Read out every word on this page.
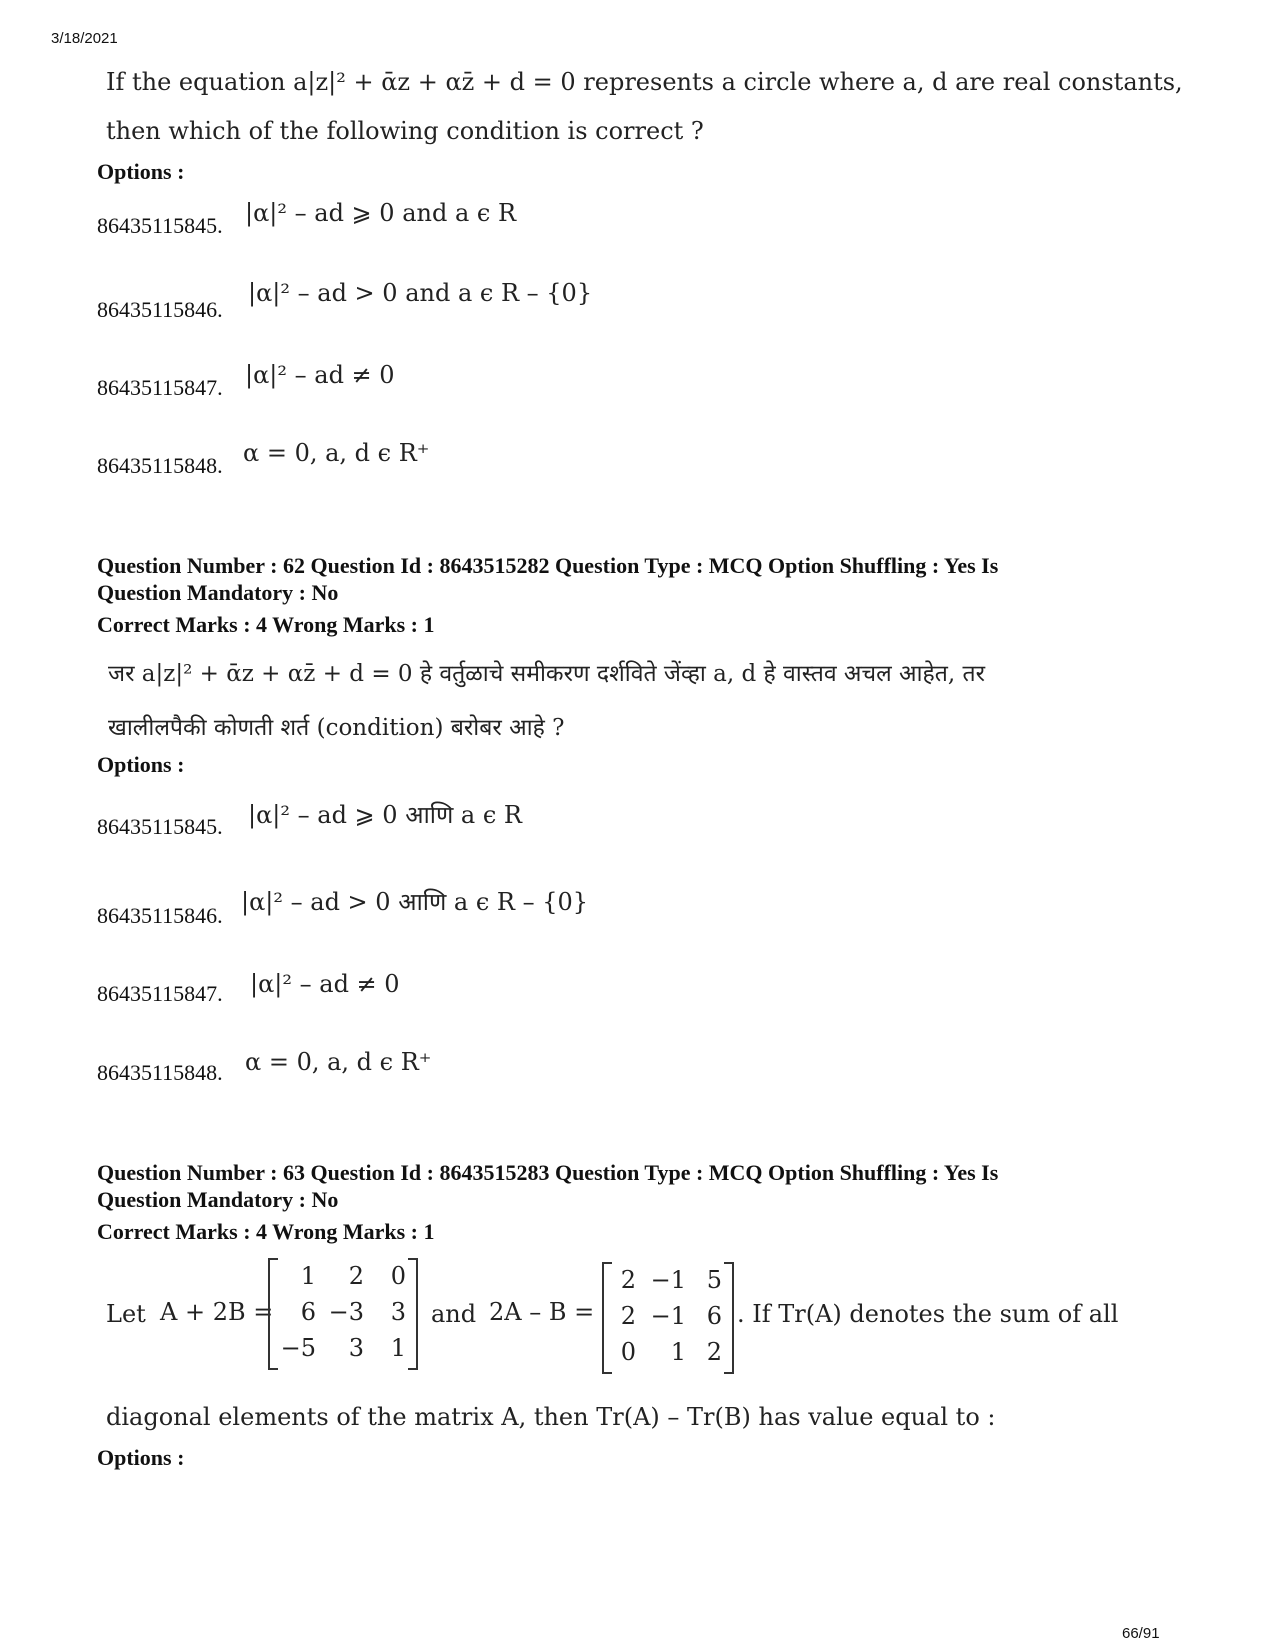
3/18/2021
If the equation a|z|² + ᾱz + αz̄ + d = 0 represents a circle where a, d are real constants,
then which of the following condition is correct ?
Options :
86435115845. |α|² – ad ⩾ 0 and a ϵ R
86435115846.
|α|² – ad > 0 and a ϵ R – {0}
86435115847. |α|² – ad ≠ 0
86435115848. α = 0, a, d ϵ R⁺
Question Number : 62 Question Id : 8643515282 Question Type : MCQ Option Shuffling : Yes Is
Question Mandatory : No
Correct Marks : 4 Wrong Marks : 1
जर a|z|² + ᾱz + αz̄ + d = 0 हे वर्तुळाचे समीकरण दर्शविते जेंव्हा a, d हे वास्तव अचल आहेत, तर
खालीलपैकी कोणती शर्त (condition) बरोबर आहे ?
Options :
86435115845. |α|² – ad ⩾ 0 आणि a ϵ R
86435115846. |α|² – ad > 0 आणि a ϵ R – {0}
86435115847. |α|² – ad ≠ 0
86435115848. α = 0, a, d ϵ R⁺
Question Number : 63 Question Id : 8643515283 Question Type : MCQ Option Shuffling : Yes Is
Question Mandatory : No
Correct Marks : 4 Wrong Marks : 1
Let A + 2B =
1	2	0
6 −3	3
−5	3	1
and 2A – B =
2 −1 5
2 −1 6
0	1 2
. If Tr(A) denotes the sum of all
diagonal elements of the matrix A, then Tr(A) – Tr(B) has value equal to :
Options :
66/91
